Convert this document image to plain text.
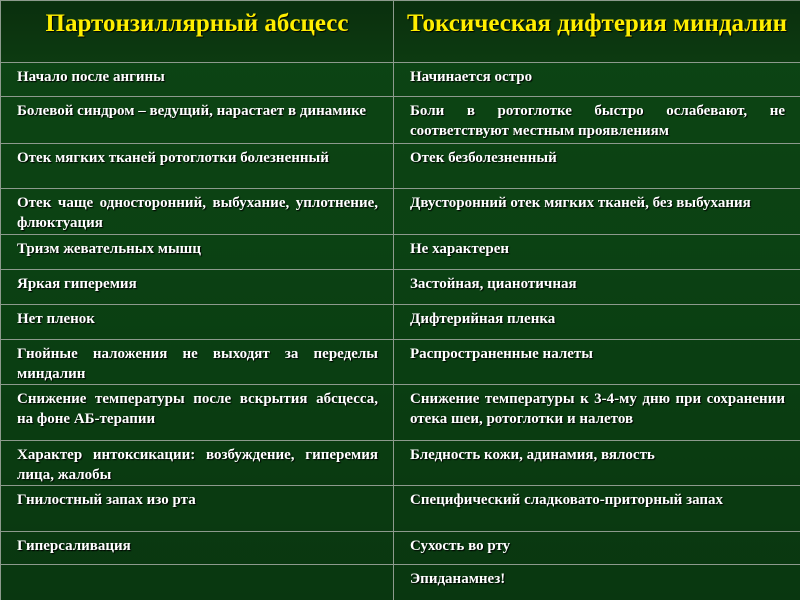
Партонзиллярный абсцесс	Токсическая дифтерия миндалин

Начало после ангины	Начинается остро

Болевой синдром – ведущий, нарастает в динамике	Боли в ротоглотке быстро ослабевают, не соответствуют местным проявлениям

Отек мягких тканей ротоглотки болезненный	Отек безболезненный

Отек чаще односторонний, выбухание, уплотнение, флюктуация	Двусторонний отек мягких тканей, без выбухания

Тризм жевательных мышц	Не характерен

Яркая гиперемия	Застойная, цианотичная

Нет пленок	Дифтерийная пленка

Гнойные наложения не выходят за переделы миндалин	Распространенные налеты

Снижение температуры после вскрытия абсцесса, на фоне АБ-терапии	Снижение температуры к 3-4-му дню при сохранении отека шеи, ротоглотки и налетов

Характер интоксикации: возбуждение, гиперемия лица, жалобы	Бледность кожи, адинамия, вялость

Гнилостный запах изо рта	Специфический сладковато-приторный запах

Гиперсаливация	Сухость во рту

	Эпиданамнез!
